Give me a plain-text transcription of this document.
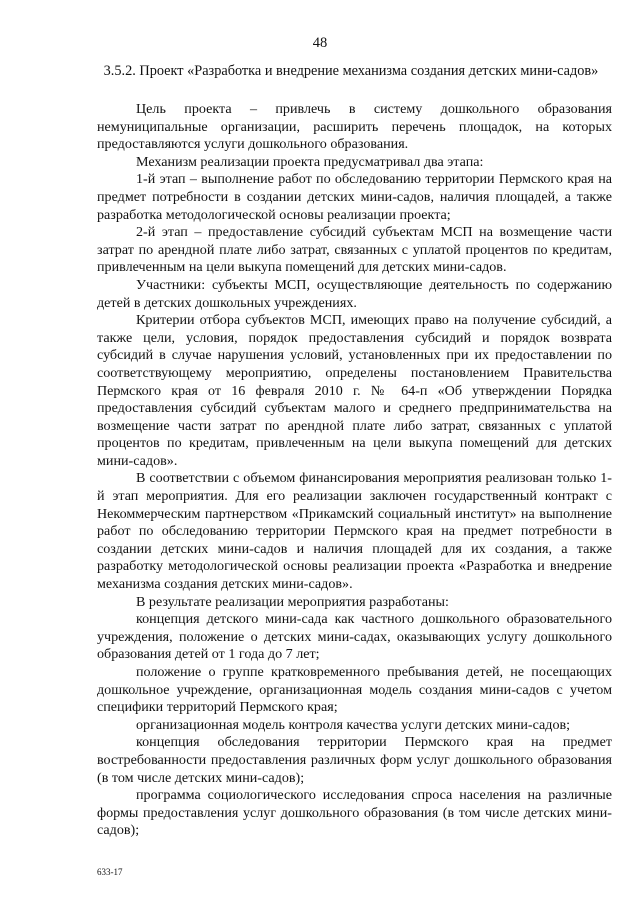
48
3.5.2. Проект «Разработка и внедрение механизма создания детских мини-садов»

Цель проекта – привлечь в систему дошкольного образования немуниципальные организации, расширить перечень площадок, на которых предоставляются услуги дошкольного образования.

Механизм реализации проекта предусматривал два этапа:

1-й этап – выполнение работ по обследованию территории Пермского края на предмет потребности в создании детских мини-садов, наличия площадей, а также разработка методологической основы реализации проекта;

2-й этап – предоставление субсидий субъектам МСП на возмещение части затрат по арендной плате либо затрат, связанных с уплатой процентов по кредитам, привлеченным на цели выкупа помещений для детских мини-садов.

Участники: субъекты МСП, осуществляющие деятельность по содержанию детей в детских дошкольных учреждениях.

Критерии отбора субъектов МСП, имеющих право на получение субсидий, а также цели, условия, порядок предоставления субсидий и порядок возврата субсидий в случае нарушения условий, установленных при их предоставлении по соответствующему мероприятию, определены постановлением Правительства Пермского края от 16 февраля 2010 г. № 64-п «Об утверждении Порядка предоставления субсидий субъектам малого и среднего предпринимательства на возмещение части затрат по арендной плате либо затрат, связанных с уплатой процентов по кредитам, привлеченным на цели выкупа помещений для детских мини-садов».

В соответствии с объемом финансирования мероприятия реализован только 1-й этап мероприятия. Для его реализации заключен государственный контракт с Некоммерческим партнерством «Прикамский социальный институт» на выполнение работ по обследованию территории Пермского края на предмет потребности в создании детских мини-садов и наличия площадей для их создания, а также разработку методологической основы реализации проекта «Разработка и внедрение механизма создания детских мини-садов».

В результате реализации мероприятия разработаны:

концепция детского мини-сада как частного дошкольного образовательного учреждения, положение о детских мини-садах, оказывающих услугу дошкольного образования детей от 1 года до 7 лет;

положение о группе кратковременного пребывания детей, не посещающих дошкольное учреждение, организационная модель создания мини-садов с учетом специфики территорий Пермского края;

организационная модель контроля качества услуги детских мини-садов;

концепция обследования территории Пермского края на предмет востребованности предоставления различных форм услуг дошкольного образования (в том числе детских мини-садов);

программа социологического исследования спроса населения на различные формы предоставления услуг дошкольного образования (в том числе детских мини-садов);

633-17
